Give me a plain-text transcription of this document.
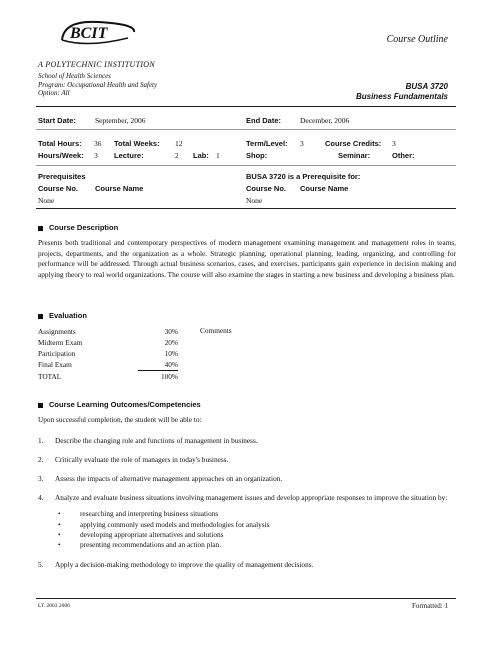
BCIT	Course Outline
A POLYTECHNIC INSTITUTION
School of Health Sciences
Program: Occupational Health and Safety
Option: All
BUSA 3720
Business Fundamentals
Start Date:	September, 2006	End Date:	December, 2006
Total Hours: 36 Total Weeks: 12	Term/Level: 3	Course Credits: 3
Hours/Week: 3 Lecture:	2 Lab: 1	Shop:	Seminar:	Other:
Prerequisites
Course No. Course Name
None
BUSA 3720 is a Prerequisite for:
Course No. Course Name
None
Course Description
Presents both traditional and contemporary perspectives of modern management examining management and management roles in teams, projects, departments, and the organization as a whole. Strategic planning, operational planning, leading, organizing, and controlling for performance will be addressed. Through actual business scenarios, cases, and exercises, participants gain experience in decision making and applying theory to real world organizations. The course will also examine the stages in starting a new business and developing a business plan.
Evaluation
Comments
Assignments	30%
Midterm Exam	20%
Participation	10%
Final Exam	40%
TOTAL	100%
Course Learning Outcomes/Competencies
Upon successful completion, the student will be able to:
1.	Describe the changing role and functions of management in business.
2.	Critically evaluate the role of managers in today's business.
3.	Assess the impacts of alternative management approaches on an organization.
4.	Analyze and evaluate business situations involving management issues and develop appropriate responses to improve the situation by:
• researching and interpreting business situations
• applying commonly used models and methodologies for analysis
• developing appropriate alternatives and solutions
• presenting recommendations and an action plan.
5.	Apply a decision-making methodology to improve the quality of management decisions.
LT. 2003 2006	Formatted: 1
